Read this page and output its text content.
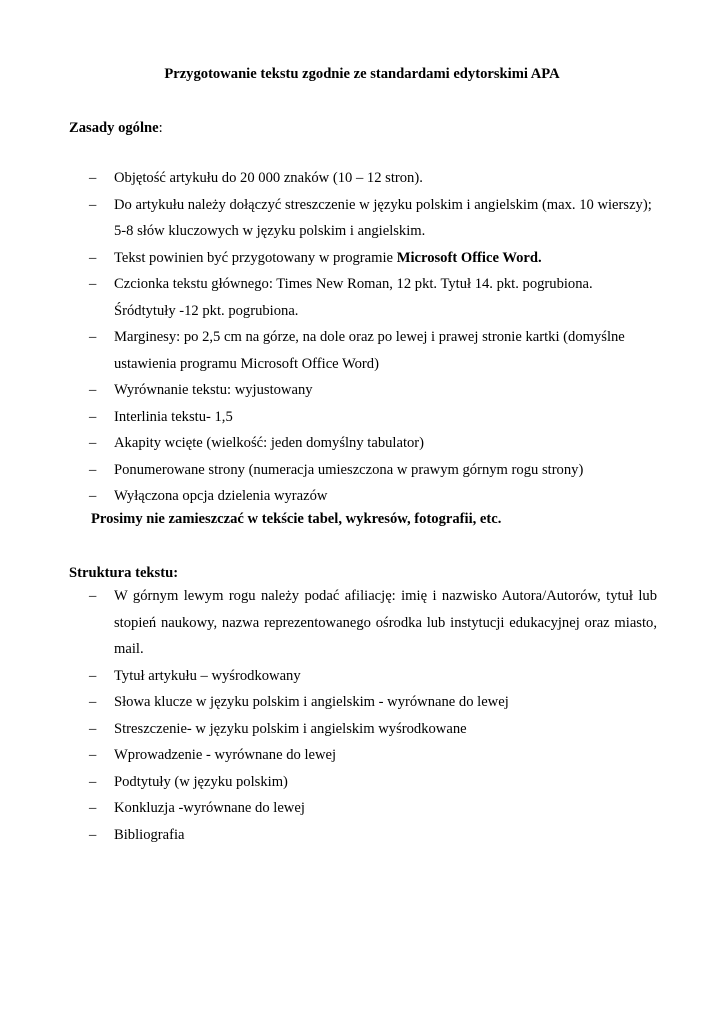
Przygotowanie tekstu zgodnie ze standardami edytorskimi APA
Zasady ogólne:
– Objętość artykułu do 20 000 znaków (10 – 12 stron).
– Do artykułu należy dołączyć streszczenie w języku polskim i angielskim (max. 10 wierszy); 5-8 słów kluczowych w języku polskim i angielskim.
– Tekst powinien być przygotowany w programie Microsoft Office Word.
– Czcionka tekstu głównego: Times New Roman, 12 pkt. Tytuł 14. pkt. pogrubiona. Śródtytuły -12 pkt. pogrubiona.
– Marginesy: po 2,5 cm na górze, na dole oraz po lewej i prawej stronie kartki (domyślne ustawienia programu Microsoft Office Word)
– Wyrównanie tekstu: wyjustowany
– Interlinia tekstu- 1,5
– Akapity wcięte (wielkość: jeden domyślny tabulator)
– Ponumerowane strony (numeracja umieszczona w prawym górnym rogu strony)
– Wyłączona opcja dzielenia wyrazów
Prosimy nie zamieszczać w tekście tabel, wykresów, fotografii, etc.
Struktura tekstu:
– W górnym lewym rogu należy podać afiliację: imię i nazwisko Autora/Autorów, tytuł lub stopień naukowy, nazwa reprezentowanego ośrodka lub instytucji edukacyjnej oraz miasto, mail.
– Tytuł artykułu – wyśrodkowany
– Słowa klucze w języku polskim i angielskim - wyrównane do lewej
– Streszczenie- w języku polskim i angielskim wyśrodkowane
– Wprowadzenie - wyrównane do lewej
– Podtytuły (w języku polskim)
– Konkluzja -wyrównane do lewej
– Bibliografia
